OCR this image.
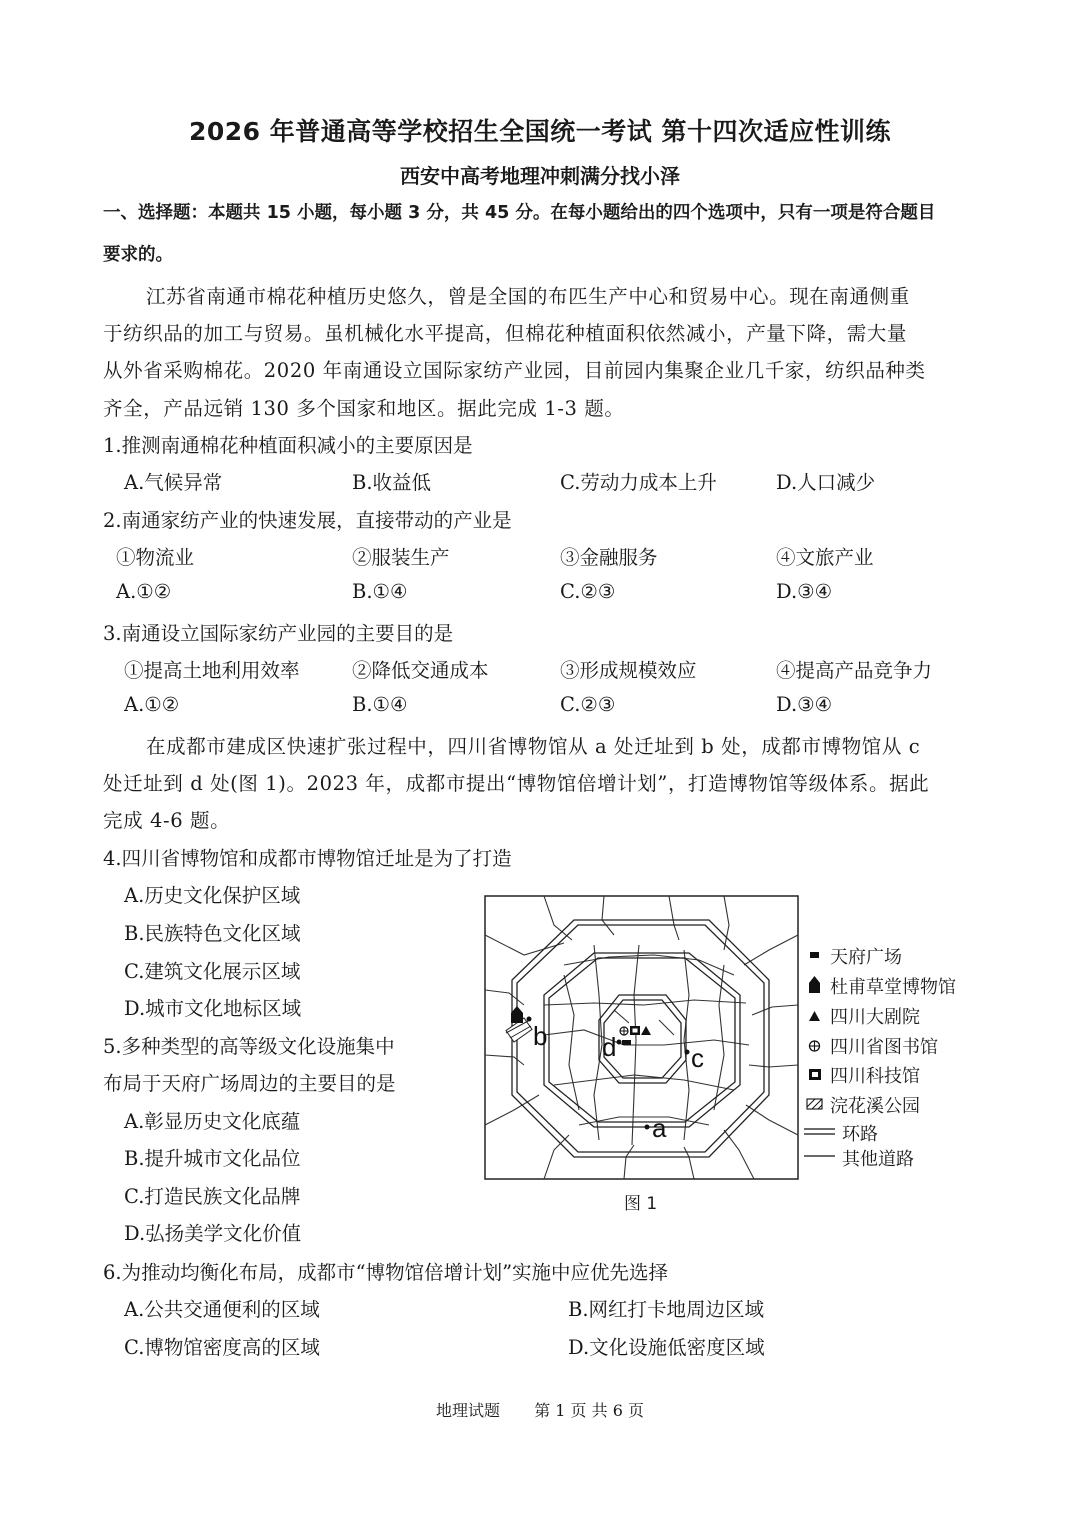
2026 年普通高等学校招生全国统一考试 第十四次适应性训练
西安中高考地理冲刺满分找小泽
一、选择题：本题共 15 小题，每小题 3 分，共 45 分。在每小题给出的四个选项中，只有一项是符合题目
要求的。
江苏省南通市棉花种植历史悠久，曾是全国的布匹生产中心和贸易中心。现在南通侧重
于纺织品的加工与贸易。虽机械化水平提高，但棉花种植面积依然减小，产量下降，需大量
从外省采购棉花。2020 年南通设立国际家纺产业园，目前园内集聚企业几千家，纺织品种类
齐全，产品远销 130 多个国家和地区。据此完成 1-3 题。
1.推测南通棉花种植面积减小的主要原因是
A.气候异常	B.收益低	C.劳动力成本上升	D.人口减少
2.南通家纺产业的快速发展，直接带动的产业是
①物流业	②服装生产	③金融服务	④文旅产业
A.①②	B.①④	C.②③	D.③④
3.南通设立国际家纺产业园的主要目的是
①提高土地利用效率	②降低交通成本	③形成规模效应	④提高产品竞争力
A.①②	B.①④	C.②③	D.③④
在成都市建成区快速扩张过程中，四川省博物馆从 a 处迁址到 b 处，成都市博物馆从 c
处迁址到 d 处(图 1)。2023 年，成都市提出“博物馆倍增计划”，打造博物馆等级体系。据此
完成 4-6 题。
4.四川省博物馆和成都市博物馆迁址是为了打造
A.历史文化保护区域
B.民族特色文化区域
C.建筑文化展示区域
D.城市文化地标区域
5.多种类型的高等级文化设施集中
布局于天府广场周边的主要目的是
A.彰显历史文化底蕴
B.提升城市文化品位
C.打造民族文化品牌
D.弘扬美学文化价值
6.为推动均衡化布局，成都市“博物馆倍增计划”实施中应优先选择
A.公共交通便利的区域	B.网红打卡地周边区域
C.博物馆密度高的区域	D.文化设施低密度区域
b d	c
a
天府广场
杜甫草堂博物馆
四川大剧院
四川省图书馆
四川科技馆
浣花溪公园
环路
其他道路
图 1
地理试题 第 1 页 共 6 页
